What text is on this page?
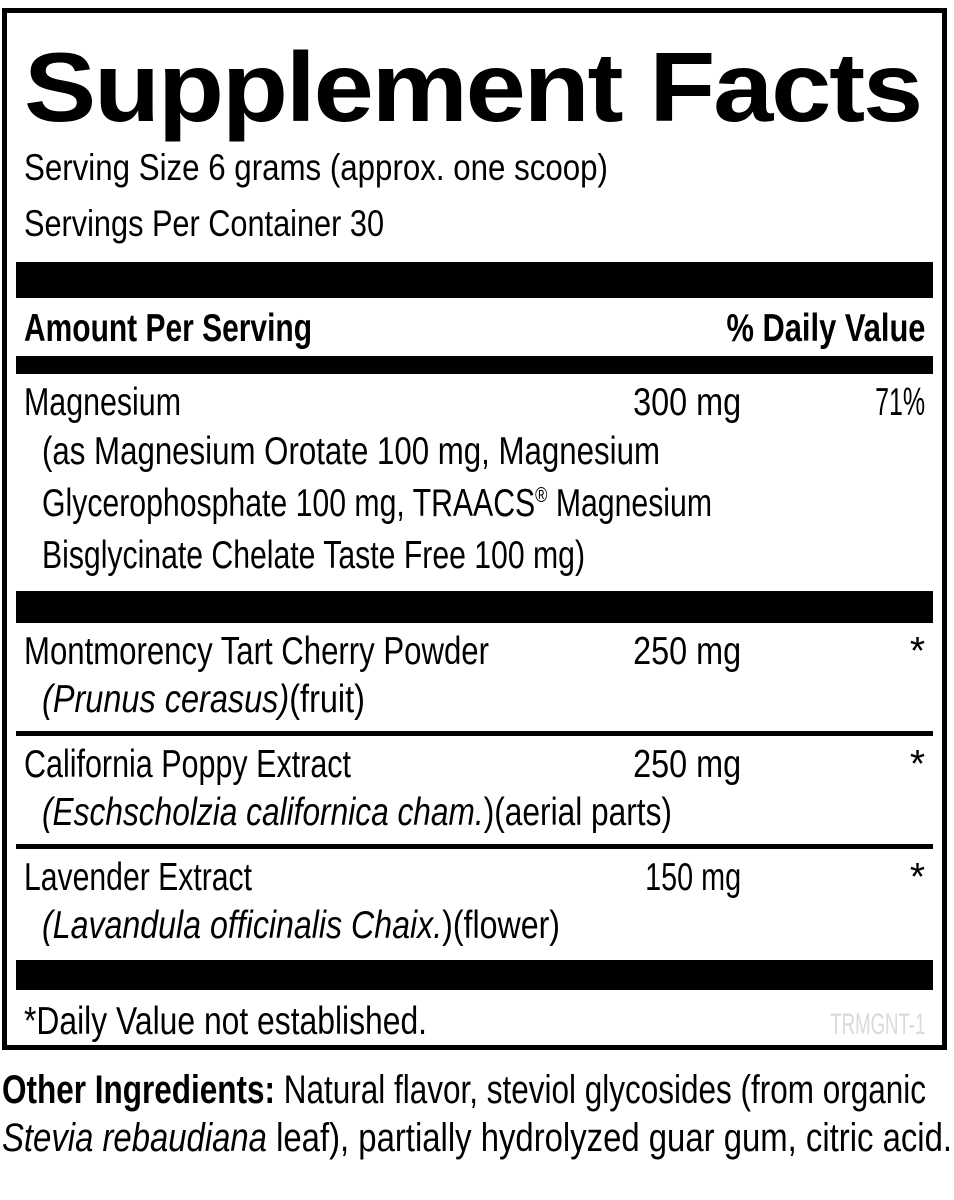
Supplement Facts
Serving Size 6 grams (approx. one scoop)
Servings Per Container 30
Amount Per Serving	% Daily Value
Magnesium	300 mg	71%
(as Magnesium Orotate 100 mg, Magnesium
Glycerophosphate 100 mg, TRAACS® Magnesium
Bisglycinate Chelate Taste Free 100 mg)
Montmorency Tart Cherry Powder	250 mg	*
(Prunus cerasus)(fruit)
California Poppy Extract	250 mg	*
(Eschscholzia californica cham.)(aerial parts)
Lavender Extract	150 mg	*
(Lavandula officinalis Chaix.)(flower)
*Daily Value not established.	TRMGNT-1
Other Ingredients: Natural flavor, steviol glycosides (from organic
Stevia rebaudiana leaf), partially hydrolyzed guar gum, citric acid.
